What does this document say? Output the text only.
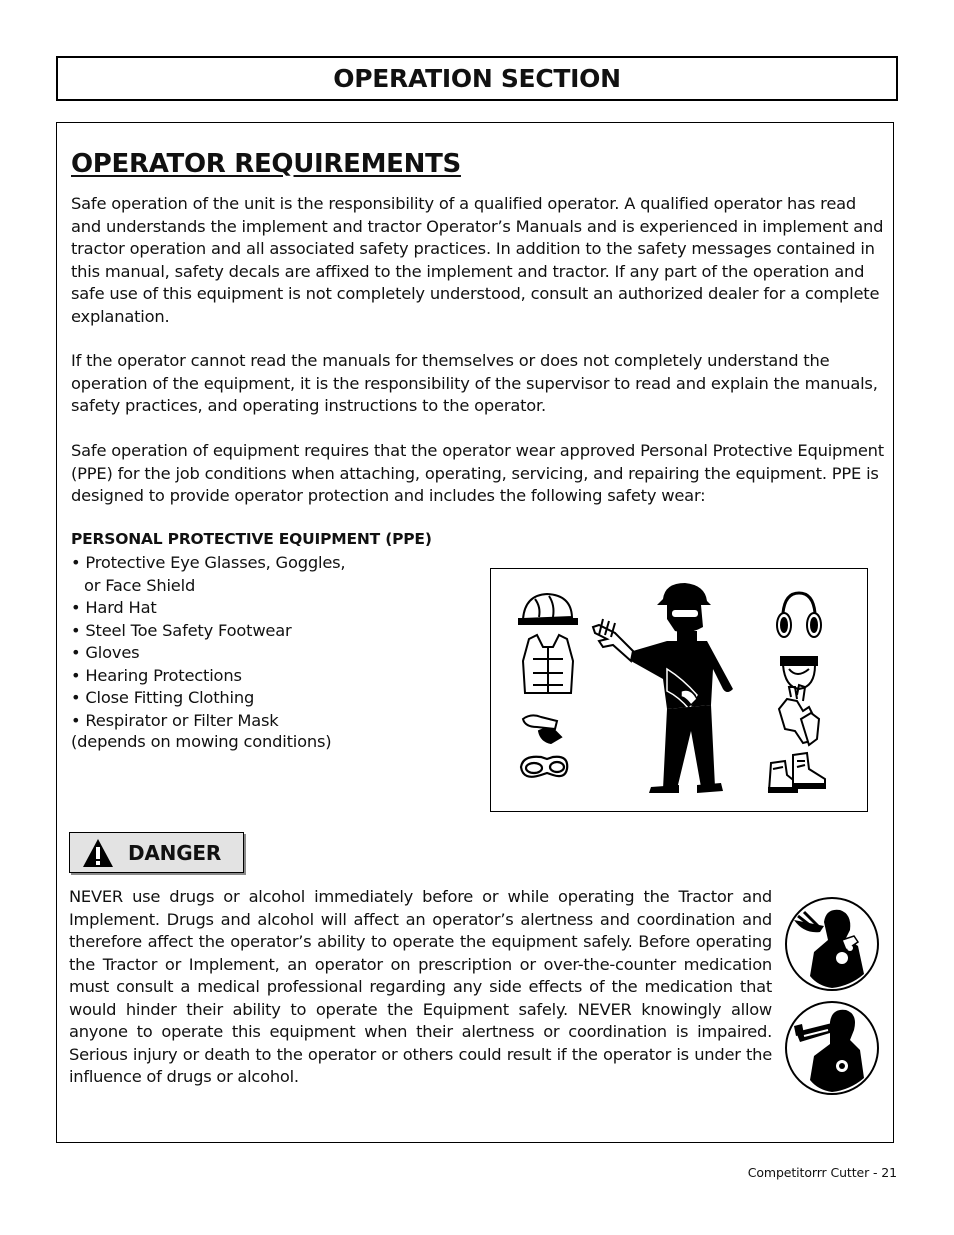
OPERATION SECTION
OPERATOR REQUIREMENTS

Safe operation of the unit is the responsibility of a qualified operator. A qualified operator has read and understands the implement and tractor Operator’s Manuals and is experienced in implement and tractor operation and all associated safety practices. In addition to the safety messages contained in this manual, safety decals are affixed to the implement and tractor. If any part of the operation and safe use of this equipment is not completely understood, consult an authorized dealer for a complete explanation.

If the operator cannot read the manuals for themselves or does not completely understand the operation of the equipment, it is the responsibility of the supervisor to read and explain the manuals, safety practices, and operating instructions to the operator.

Safe operation of equipment requires that the operator wear approved Personal Protective Equipment (PPE) for the job conditions when attaching, operating, servicing, and repairing the equipment. PPE is designed to provide operator protection and includes the following safety wear:

PERSONAL PROTECTIVE EQUIPMENT (PPE)

• Protective Eye Glasses, Goggles, or Face Shield
• Hard Hat
• Steel Toe Safety Footwear
• Gloves
• Hearing Protections
• Close Fitting Clothing
• Respirator or Filter Mask

(depends on mowing conditions)

DANGER

NEVER use drugs or alcohol immediately before or while operating the Tractor and Implement. Drugs and alcohol will affect an operator’s alertness and coordination and therefore affect the operator’s ability to operate the equipment safely. Before operating the Tractor or Implement, an operator on prescription or over-the-counter medication must consult a medical professional regarding any side effects of the medication that would hinder their ability to operate the Equipment safely. NEVER knowingly allow anyone to operate this equipment when their alertness or coordination is impaired. Serious injury or death to the operator or others could result if the operator is under the influence of drugs or alcohol.

Competitorrr Cutter - 21
